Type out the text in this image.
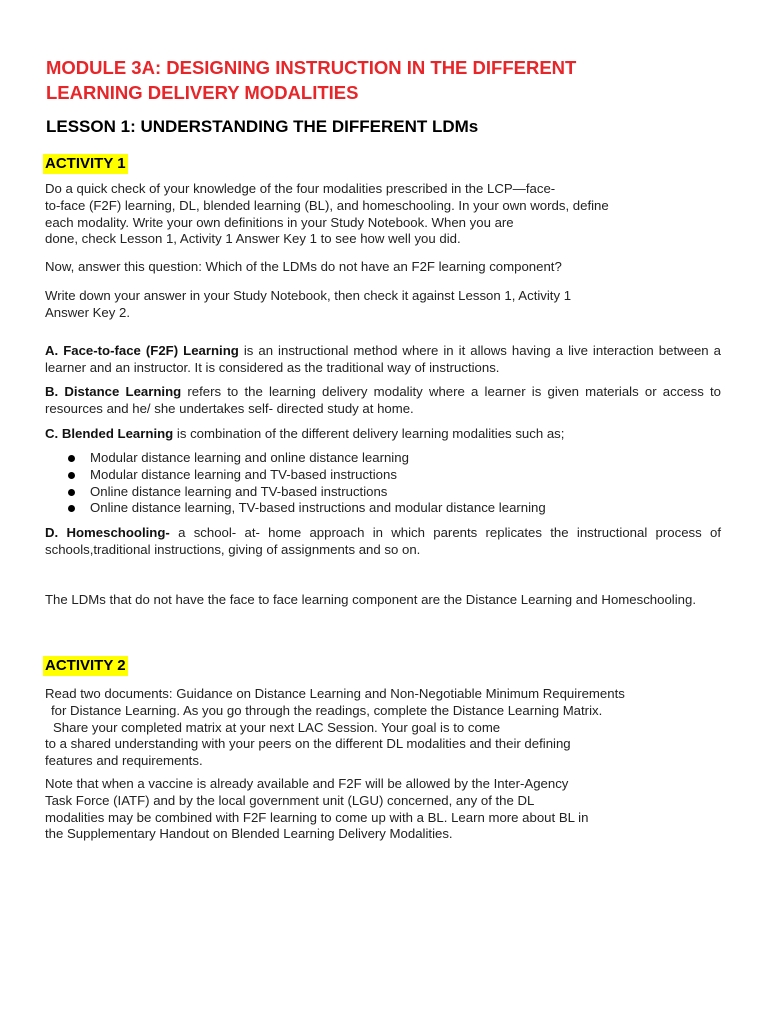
MODULE 3A: DESIGNING INSTRUCTION IN THE DIFFERENT
LEARNING DELIVERY MODALITIES
LESSON 1: UNDERSTANDING THE DIFFERENT LDMs
ACTIVITY 1

Do a quick check of your knowledge of the four modalities prescribed in the LCP—face-
to-face (F2F) learning, DL, blended learning (BL), and homeschooling. In your own words, define
each modality. Write your own definitions in your Study Notebook. When you are
done, check Lesson 1, Activity 1 Answer Key 1 to see how well you did.

Now, answer this question: Which of the LDMs do not have an F2F learning component?

Write down your answer in your Study Notebook, then check it against Lesson 1, Activity 1
Answer Key 2.

A. Face-to-face (F2F) Learning is an instructional method where in it allows having a live interaction between a learner and an instructor. It is considered as the traditional way of instructions.

B. Distance Learning refers to the learning delivery modality where a learner is given materials or access to resources and he/ she undertakes self- directed study at home.

C. Blended Learning is combination of the different delivery learning modalities such as;

Modular distance learning and online distance learning
Modular distance learning and TV-based instructions
Online distance learning and TV-based instructions
Online distance learning, TV-based instructions and modular distance learning

D. Homeschooling- a school- at- home approach in which parents replicates the instructional process of schools,traditional instructions, giving of assignments and so on.

The LDMs that do not have the face to face learning component are the Distance Learning and Homeschooling.

ACTIVITY 2

Read two documents: Guidance on Distance Learning and Non-Negotiable Minimum Requirements
for Distance Learning. As you go through the readings, complete the Distance Learning Matrix.
Share your completed matrix at your next LAC Session. Your goal is to come
to a shared understanding with your peers on the different DL modalities and their defining
features and requirements.

Note that when a vaccine is already available and F2F will be allowed by the Inter-Agency
Task Force (IATF) and by the local government unit (LGU) concerned, any of the DL
modalities may be combined with F2F learning to come up with a BL. Learn more about BL in
the Supplementary Handout on Blended Learning Delivery Modalities.
